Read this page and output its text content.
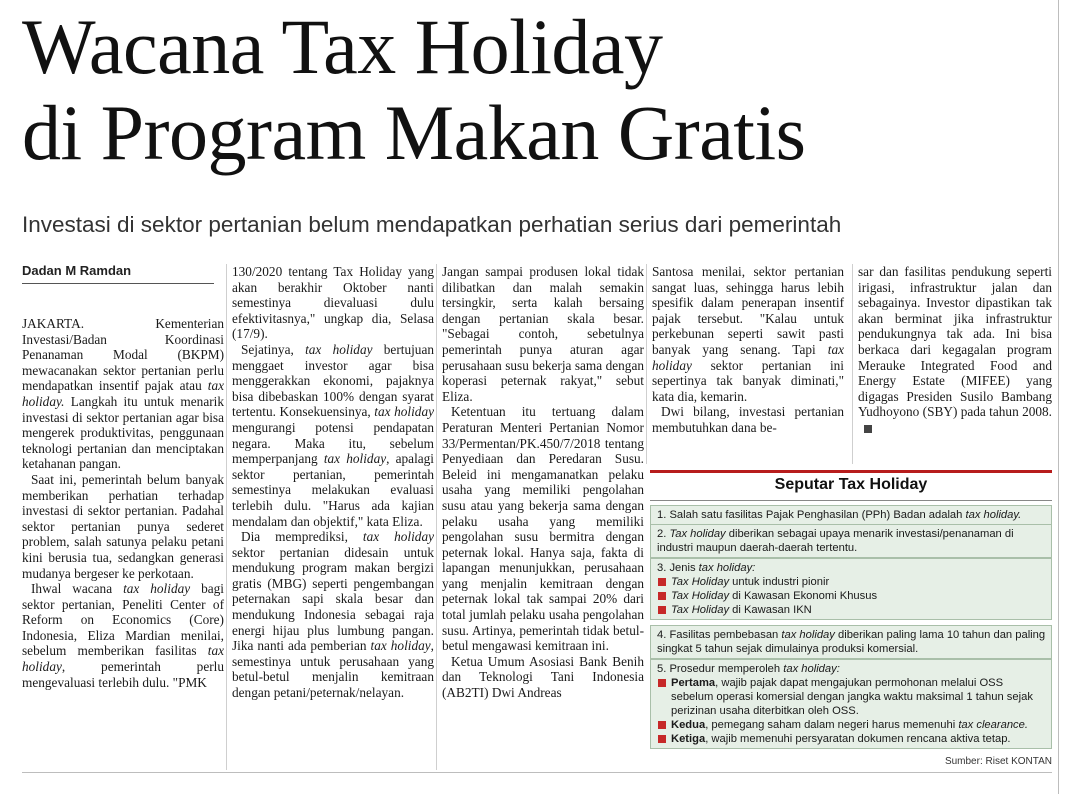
Wacana Tax Holiday
di Program Makan Gratis
Investasi di sektor pertanian belum mendapatkan perhatian serius dari pemerintah
Dadan M Ramdan

JAKARTA. Kementerian Investasi/Badan Koordinasi Penanaman Modal (BKPM) mewacanakan sektor pertanian perlu mendapatkan insentif pajak atau tax holiday. Langkah itu untuk menarik investasi di sektor pertanian agar bisa mengerek produktivitas, penggunaan teknologi pertanian dan menciptakan ketahanan pangan.

Saat ini, pemerintah belum banyak memberikan perhatian terhadap investasi di sektor pertanian. Padahal sektor pertanian punya sederet problem, salah satunya pelaku petani kini berusia tua, sedangkan generasi mudanya bergeser ke perkotaan.

Ihwal wacana tax holiday bagi sektor pertanian, Peneliti Center of Reform on Economics (Core) Indonesia, Eliza Mardian menilai, sebelum memberikan fasilitas tax holiday, pemerintah perlu mengevaluasi terlebih dulu. "PMK

130/2020 tentang Tax Holiday yang akan berakhir Oktober nanti semestinya dievaluasi dulu efektivitasnya," ungkap dia, Selasa (17/9).

Sejatinya, tax holiday bertujuan menggaet investor agar bisa menggerakkan ekonomi, pajaknya bisa dibebaskan 100% dengan syarat tertentu. Konsekuensinya, tax holiday mengurangi potensi pendapatan negara. Maka itu, sebelum memperpanjang tax holiday, apalagi sektor pertanian, pemerintah semestinya melakukan evaluasi terlebih dulu. "Harus ada kajian mendalam dan objektif," kata Eliza.

Dia memprediksi, tax holiday sektor pertanian didesain untuk mendukung program makan bergizi gratis (MBG) seperti pengembangan peternakan sapi skala besar dan mendukung Indonesia sebagai raja energi hijau plus lumbung pangan. Jika nanti ada pemberian tax holiday, semestinya untuk perusahaan yang betul-betul menjalin kemitraan dengan petani/peternak/nelayan.

Jangan sampai produsen lokal tidak dilibatkan dan malah semakin tersingkir, serta kalah bersaing dengan pertanian skala besar. "Sebagai contoh, sebetulnya pemerintah punya aturan agar perusahaan susu bekerja sama dengan koperasi peternak rakyat," sebut Eliza.

Ketentuan itu tertuang dalam Peraturan Menteri Pertanian Nomor 33/Permentan/PK.450/7/2018 tentang Penyediaan dan Peredaran Susu. Beleid ini mengamanatkan pelaku usaha yang memiliki pengolahan susu atau yang bekerja sama dengan pelaku usaha yang memiliki pengolahan susu bermitra dengan peternak lokal. Hanya saja, fakta di lapangan menunjukkan, perusahaan yang menjalin kemitraan dengan peternak lokal tak sampai 20% dari total jumlah pelaku usaha pengolahan susu. Artinya, pemerintah tidak betul-betul mengawasi kemitraan ini.

Ketua Umum Asosiasi Bank Benih dan Teknologi Tani Indonesia (AB2TI) Dwi Andreas

Santosa menilai, sektor pertanian sangat luas, sehingga harus lebih spesifik dalam penerapan insentif pajak tersebut. "Kalau untuk perkebunan seperti sawit pasti banyak yang senang. Tapi tax holiday sektor pertanian ini sepertinya tak banyak diminati," kata dia, kemarin.

Dwi bilang, investasi pertanian membutuhkan dana be-

sar dan fasilitas pendukung seperti irigasi, infrastruktur jalan dan sebagainya. Investor dipastikan tak akan berminat jika infrastruktur pendukungnya tak ada. Ini bisa berkaca dari kegagalan program Merauke Integrated Food and Energy Estate (MIFEE) yang digagas Presiden Susilo Bambang Yudhoyono (SBY) pada tahun 2008.

Seputar Tax Holiday
1. Salah satu fasilitas Pajak Penghasilan (PPh) Badan adalah tax holiday.
2. Tax holiday diberikan sebagai upaya menarik investasi/penanaman di industri maupun daerah-daerah tertentu.
3. Jenis tax holiday:
Tax Holiday untuk industri pionir
Tax Holiday di Kawasan Ekonomi Khusus
Tax Holiday di Kawasan IKN
4. Fasilitas pembebasan tax holiday diberikan paling lama 10 tahun dan paling singkat 5 tahun sejak dimulainya produksi komersial.
5. Prosedur memperoleh tax holiday:
Pertama, wajib pajak dapat mengajukan permohonan melalui OSS sebelum operasi komersial dengan jangka waktu maksimal 1 tahun sejak perizinan usaha diterbitkan oleh OSS.
Kedua, pemegang saham dalam negeri harus memenuhi tax clearance.
Ketiga, wajib memenuhi persyaratan dokumen rencana aktiva tetap.
Sumber: Riset KONTAN
